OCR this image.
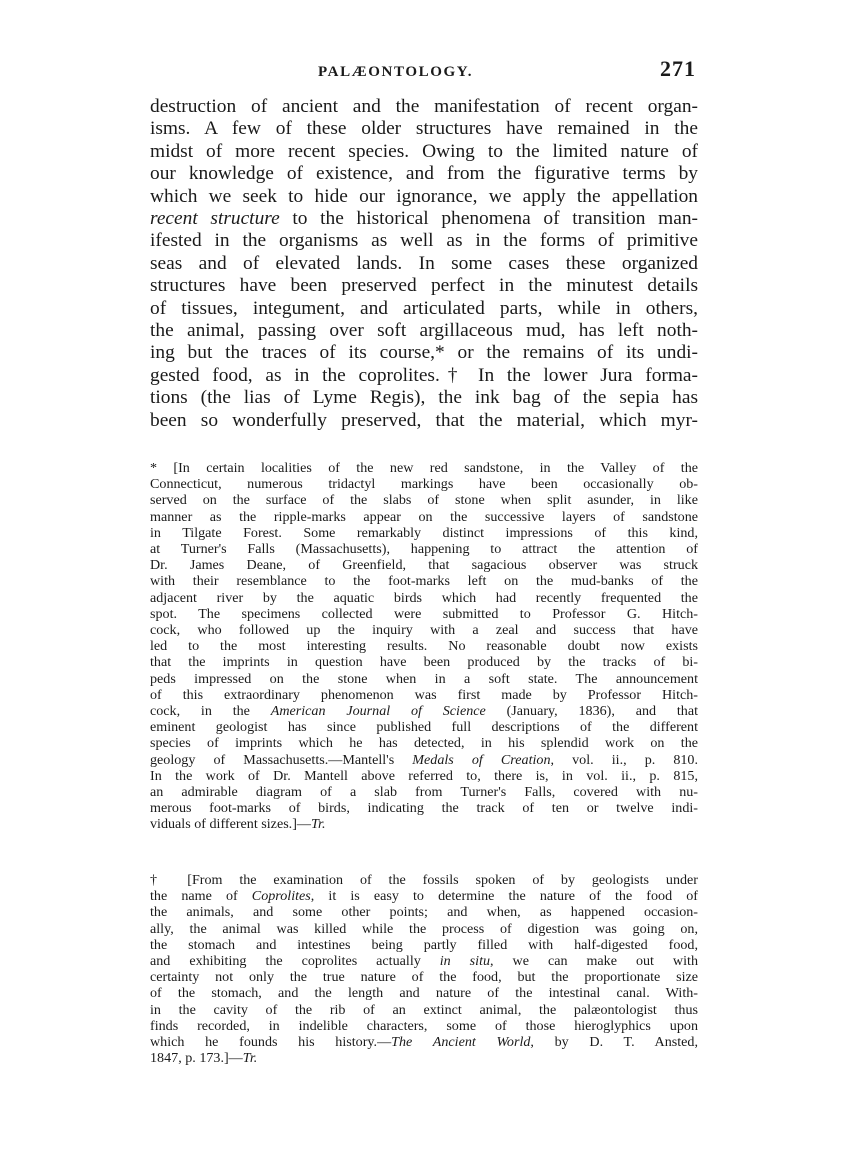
PALÆONTOLOGY.	271
destruction of ancient and the manifestation of recent organ-
isms. A few of these older structures have remained in the
midst of more recent species. Owing to the limited nature of
our knowledge of existence, and from the figurative terms by
which we seek to hide our ignorance, we apply the appellation
recent structure to the historical phenomena of transition man-
ifested in the organisms as well as in the forms of primitive
seas and of elevated lands. In some cases these organized
structures have been preserved perfect in the minutest details
of tissues, integument, and articulated parts, while in others,
the animal, passing over soft argillaceous mud, has left noth-
ing but the traces of its course,* or the remains of its undi-
gested food, as in the coprolites.† In the lower Jura forma-
tions (the lias of Lyme Regis), the ink bag of the sepia has
been so wonderfully preserved, that the material, which myr-
* [In certain localities of the new red sandstone, in the Valley of the
Connecticut, numerous tridactyl markings have been occasionally ob-
served on the surface of the slabs of stone when split asunder, in like
manner as the ripple-marks appear on the successive layers of sandstone
in Tilgate Forest. Some remarkably distinct impressions of this kind,
at Turner's Falls (Massachusetts), happening to attract the attention of
Dr. James Deane, of Greenfield, that sagacious observer was struck
with their resemblance to the foot-marks left on the mud-banks of the
adjacent river by the aquatic birds which had recently frequented the
spot. The specimens collected were submitted to Professor G. Hitch-
cock, who followed up the inquiry with a zeal and success that have
led to the most interesting results. No reasonable doubt now exists
that the imprints in question have been produced by the tracks of bi-
peds impressed on the stone when in a soft state. The announcement
of this extraordinary phenomenon was first made by Professor Hitch-
cock, in the American Journal of Science (January, 1836), and that
eminent geologist has since published full descriptions of the different
species of imprints which he has detected, in his splendid work on the
geology of Massachusetts.—Mantell's Medals of Creation, vol. ii., p. 810.
In the work of Dr. Mantell above referred to, there is, in vol. ii., p. 815,
an admirable diagram of a slab from Turner's Falls, covered with nu-
merous foot-marks of birds, indicating the track of ten or twelve indi-
viduals of different sizes.]—Tr.
† [From the examination of the fossils spoken of by geologists under
the name of Coprolites, it is easy to determine the nature of the food of
the animals, and some other points; and when, as happened occasion-
ally, the animal was killed while the process of digestion was going on,
the stomach and intestines being partly filled with half-digested food,
and exhibiting the coprolites actually in situ, we can make out with
certainty not only the true nature of the food, but the proportionate size
of the stomach, and the length and nature of the intestinal canal. With-
in the cavity of the rib of an extinct animal, the palæontologist thus
finds recorded, in indelible characters, some of those hieroglyphics upon
which he founds his history.—The Ancient World, by D. T. Ansted,
1847, p. 173.]—Tr.
